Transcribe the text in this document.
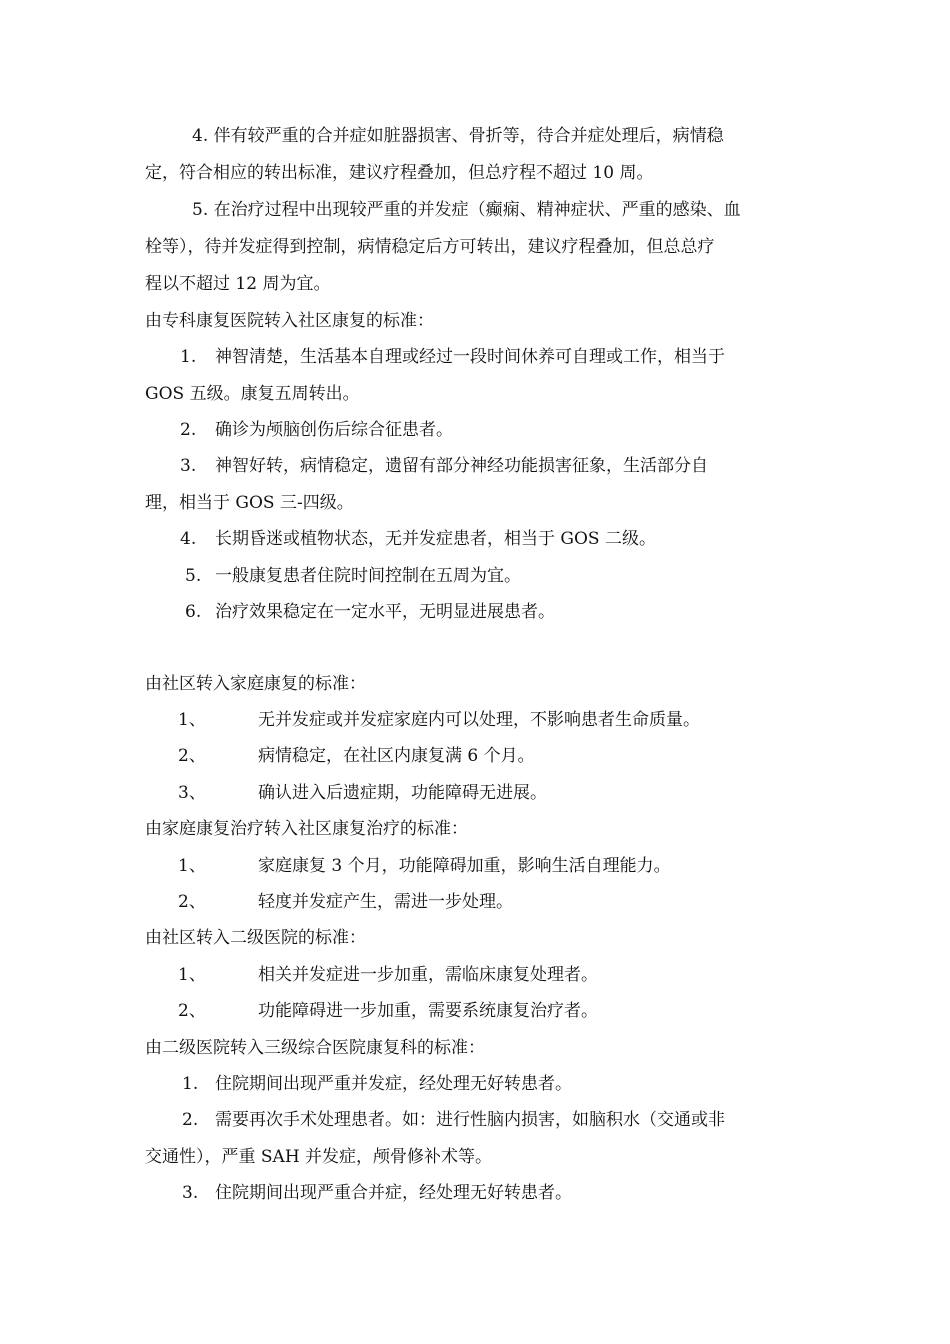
4. 伴有较严重的合并症如脏器损害、骨折等，待合并症处理后，病情稳
定，符合相应的转出标准，建议疗程叠加，但总疗程不超过 10 周。
5. 在治疗过程中出现较严重的并发症（癫痫、精神症状、严重的感染、血
栓等），待并发症得到控制，病情稳定后方可转出，建议疗程叠加，但总总疗
程以不超过 12 周为宜。
由专科康复医院转入社区康复的标准：
1. 神智清楚，生活基本自理或经过一段时间休养可自理或工作，相当于
GOS 五级。康复五周转出。
2. 确诊为颅脑创伤后综合征患者。
3. 神智好转，病情稳定，遗留有部分神经功能损害征象，生活部分自
理，相当于 GOS 三-四级。
4. 长期昏迷或植物状态，无并发症患者，相当于 GOS 二级。
5. 一般康复患者住院时间控制在五周为宜。
6. 治疗效果稳定在一定水平，无明显进展患者。
由社区转入家庭康复的标准：
1、	无并发症或并发症家庭内可以处理，不影响患者生命质量。
2、	病情稳定，在社区内康复满 6 个月。
3、	确认进入后遗症期，功能障碍无进展。
由家庭康复治疗转入社区康复治疗的标准：
1、	家庭康复 3 个月，功能障碍加重，影响生活自理能力。
2、	轻度并发症产生，需进一步处理。
由社区转入二级医院的标准：
1、	相关并发症进一步加重，需临床康复处理者。
2、	功能障碍进一步加重，需要系统康复治疗者。
由二级医院转入三级综合医院康复科的标准：
1. 住院期间出现严重并发症，经处理无好转患者。
2. 需要再次手术处理患者。如：进行性脑内损害，如脑积水（交通或非
交通性），严重 SAH 并发症，颅骨修补术等。
3. 住院期间出现严重合并症，经处理无好转患者。
